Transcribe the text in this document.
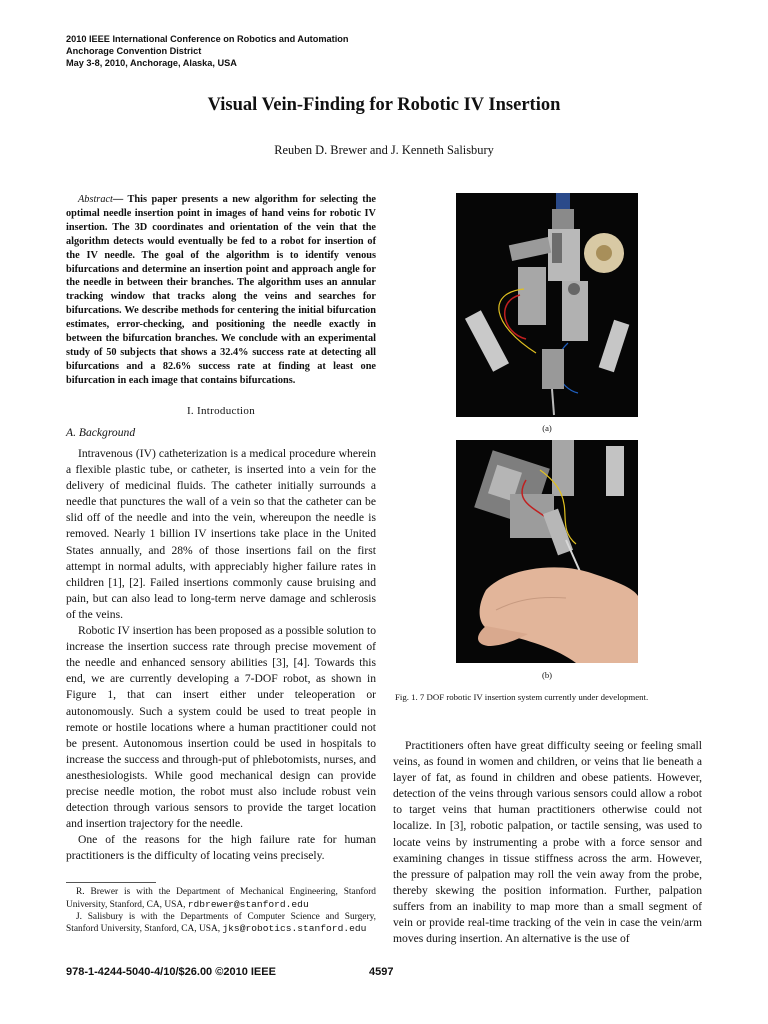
2010 IEEE International Conference on Robotics and Automation
Anchorage Convention District
May 3-8, 2010, Anchorage, Alaska, USA
Visual Vein-Finding for Robotic IV Insertion
Reuben D. Brewer and J. Kenneth Salisbury
Abstract— This paper presents a new algorithm for selecting the optimal needle insertion point in images of hand veins for robotic IV insertion. The 3D coordinates and orientation of the vein that the algorithm detects would eventually be fed to a robot for insertion of the IV needle. The goal of the algorithm is to identify venous bifurcations and determine an insertion point and approach angle for the needle in between their branches. The algorithm uses an annular tracking window that tracks along the veins and searches for bifurcations. We describe methods for centering the initial bifurcation estimates, error-checking, and positioning the needle exactly in between the bifurcation branches. We conclude with an experimental study of 50 subjects that shows a 32.4% success rate at detecting all bifurcations and a 82.6% success rate at finding at least one bifurcation in each image that contains bifurcations.
I. Introduction
A. Background

Intravenous (IV) catheterization is a medical procedure wherein a flexible plastic tube, or catheter, is inserted into a vein for the delivery of medicinal fluids. The catheter initially surrounds a needle that punctures the wall of a vein so that the catheter can be slid off of the needle and into the vein, whereupon the needle is removed. Nearly 1 billion IV insertions take place in the United States annually, and 28% of those insertions fail on the first attempt in normal adults, with appreciably higher failure rates in children [1], [2]. Failed insertions commonly cause bruising and pain, but can also lead to long-term nerve damage and schlerosis of the veins.

Robotic IV insertion has been proposed as a possible solution to increase the insertion success rate through precise movement of the needle and enhanced sensory abilities [3], [4]. Towards this end, we are currently developing a 7-DOF robot, as shown in Figure 1, that can insert either under teleoperation or autonomously. Such a system could be used to treat people in remote or hostile locations where a human practitioner could not be present. Autonomous insertion could be used in hospitals to increase the success and through-put of phlebotomists, nurses, and anesthesiologists. While good mechanical design can provide precise needle motion, the robot must also include robust vein detection through various sensors to provide the target location and insertion trajectory for the needle.

One of the reasons for the high failure rate for human practitioners is the difficulty of locating veins precisely.

R. Brewer is with the Department of Mechanical Engineering, Stanford University, Stanford, CA, USA, rdbrewer@stanford.edu

J. Salisbury is with the Departments of Computer Science and Surgery, Stanford University, Stanford, CA, USA, jks@robotics.stanford.edu

978-1-4244-5040-4/10/$26.00 ©2010 IEEE	4597
(a)
(b)
Fig. 1. 7 DOF robotic IV insertion system currently under development.

Practitioners often have great difficulty seeing or feeling small veins, as found in women and children, or veins that lie beneath a layer of fat, as found in children and obese patients. However, detection of the veins through various sensors could allow a robot to target veins that human practitioners otherwise could not localize. In [3], robotic palpation, or tactile sensing, was used to locate veins by instrumenting a probe with a force sensor and examining changes in tissue stiffness across the arm. However, the pressure of palpation may roll the vein away from the probe, thereby skewing the position information. Further, palpation suffers from an inability to map more than a small segment of vein or provide real-time tracking of the vein in case the vein/arm moves during insertion. An alternative is the use of
